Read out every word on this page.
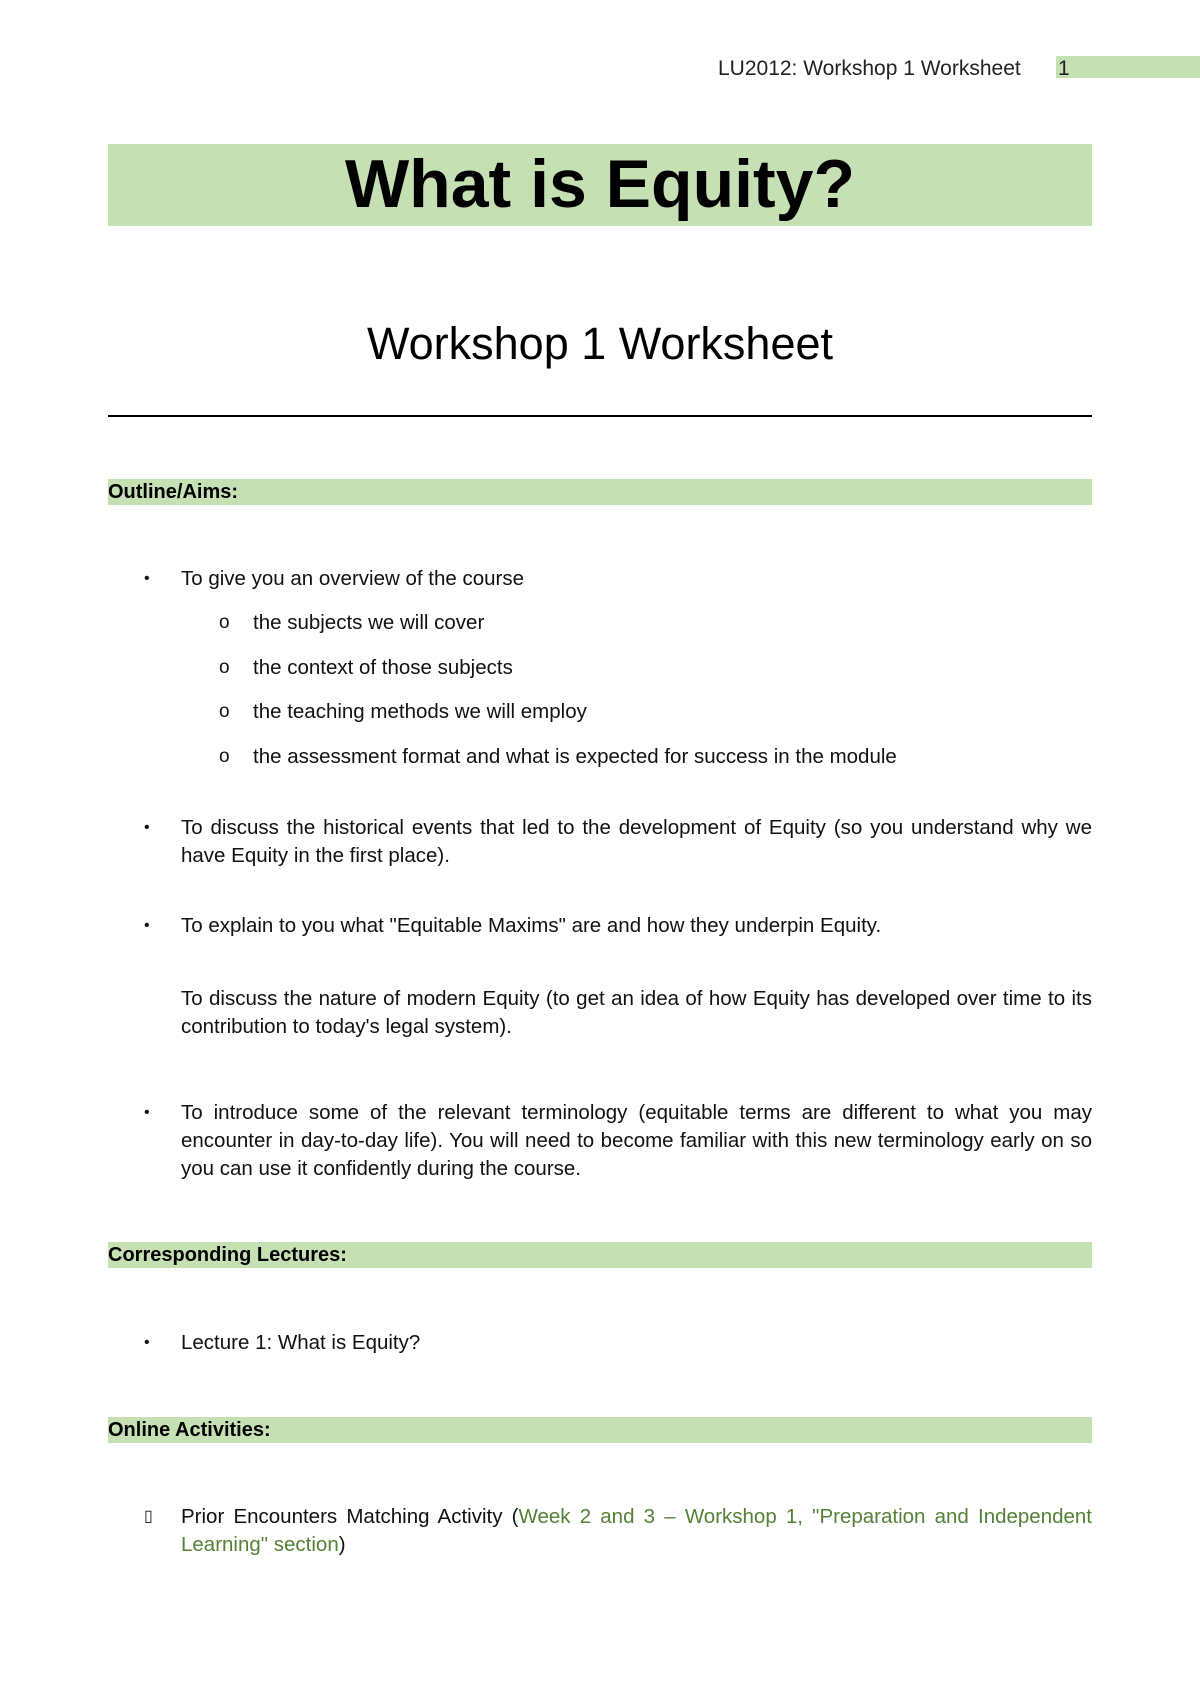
LU2012: Workshop 1 Worksheet 1
What is Equity?
Workshop 1 Worksheet
Outline/Aims:
• To give you an overview of the course
o the subjects we will cover
o the context of those subjects
o the teaching methods we will employ
o the assessment format and what is expected for success in the module
• To discuss the historical events that led to the development of Equity (so you understand why we have Equity in the first place).
• To explain to you what "Equitable Maxims" are and how they underpin Equity.
To discuss the nature of modern Equity (to get an idea of how Equity has developed over time to its contribution to today's legal system).
• To introduce some of the relevant terminology (equitable terms are different to what you may encounter in day-to-day life). You will need to become familiar with this new terminology early on so you can use it confidently during the course.
Corresponding Lectures:
• Lecture 1: What is Equity?
Online Activities:
▯ Prior Encounters Matching Activity (Week 2 and 3 – Workshop 1, "Preparation and Independent Learning" section)
